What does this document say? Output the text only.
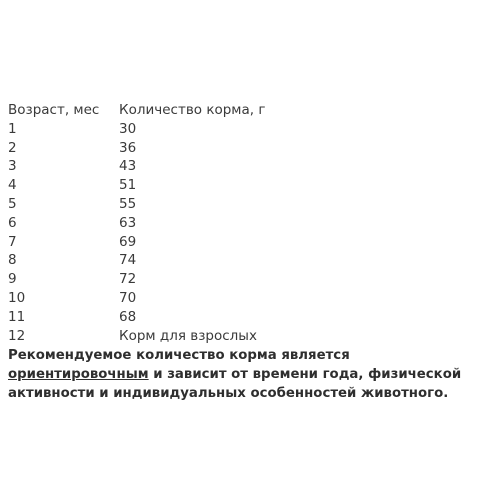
Возраст, мес	Количество корма, г
1	30
2	36
3	43
4	51
5	55
6	63
7	69
8	74
9	72
10	70
11	68
12	Корм для взрослых
Рекомендуемое количество корма является ориентировочным и зависит от времени года, физической активности и индивидуальных особенностей животного.
